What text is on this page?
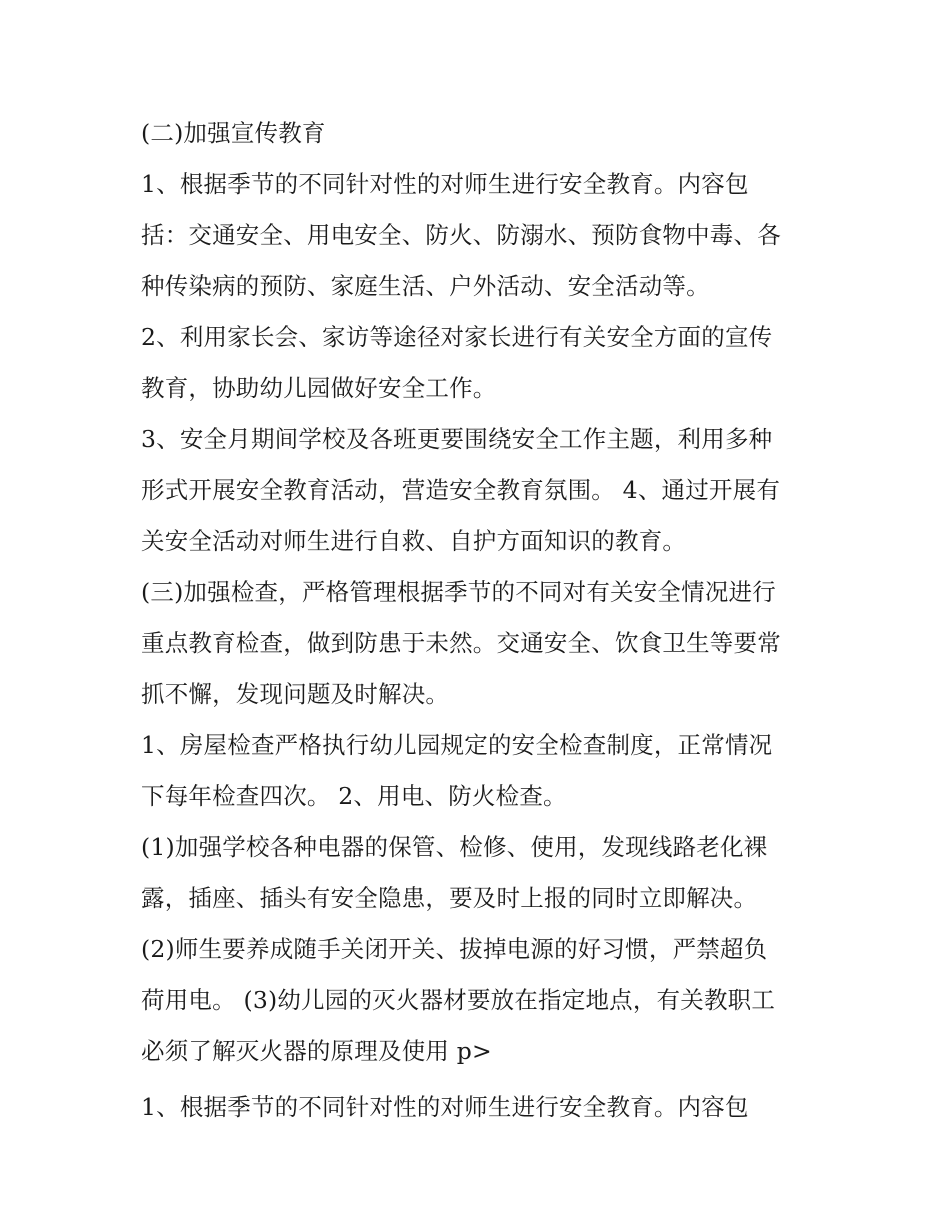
(二)加强宣传教育
1、根据季节的不同针对性的对师生进行安全教育。内容包
括：交通安全、用电安全、防火、防溺水、预防食物中毒、各
种传染病的预防、家庭生活、户外活动、安全活动等。
2、利用家长会、家访等途径对家长进行有关安全方面的宣传
教育，协助幼儿园做好安全工作。
3、安全月期间学校及各班更要围绕安全工作主题，利用多种
形式开展安全教育活动，营造安全教育氛围。 4、通过开展有
关安全活动对师生进行自救、自护方面知识的教育。
(三)加强检查，严格管理根据季节的不同对有关安全情况进行
重点教育检查，做到防患于未然。交通安全、饮食卫生等要常
抓不懈，发现问题及时解决。
1、房屋检查严格执行幼儿园规定的安全检查制度，正常情况
下每年检查四次。 2、用电、防火检查。
(1)加强学校各种电器的保管、检修、使用，发现线路老化裸
露，插座、插头有安全隐患，要及时上报的同时立即解决。
(2)师生要养成随手关闭开关、拔掉电源的好习惯，严禁超负
荷用电。 (3)幼儿园的灭火器材要放在指定地点，有关教职工
必须了解灭火器的原理及使用 p>
1、根据季节的不同针对性的对师生进行安全教育。内容包
